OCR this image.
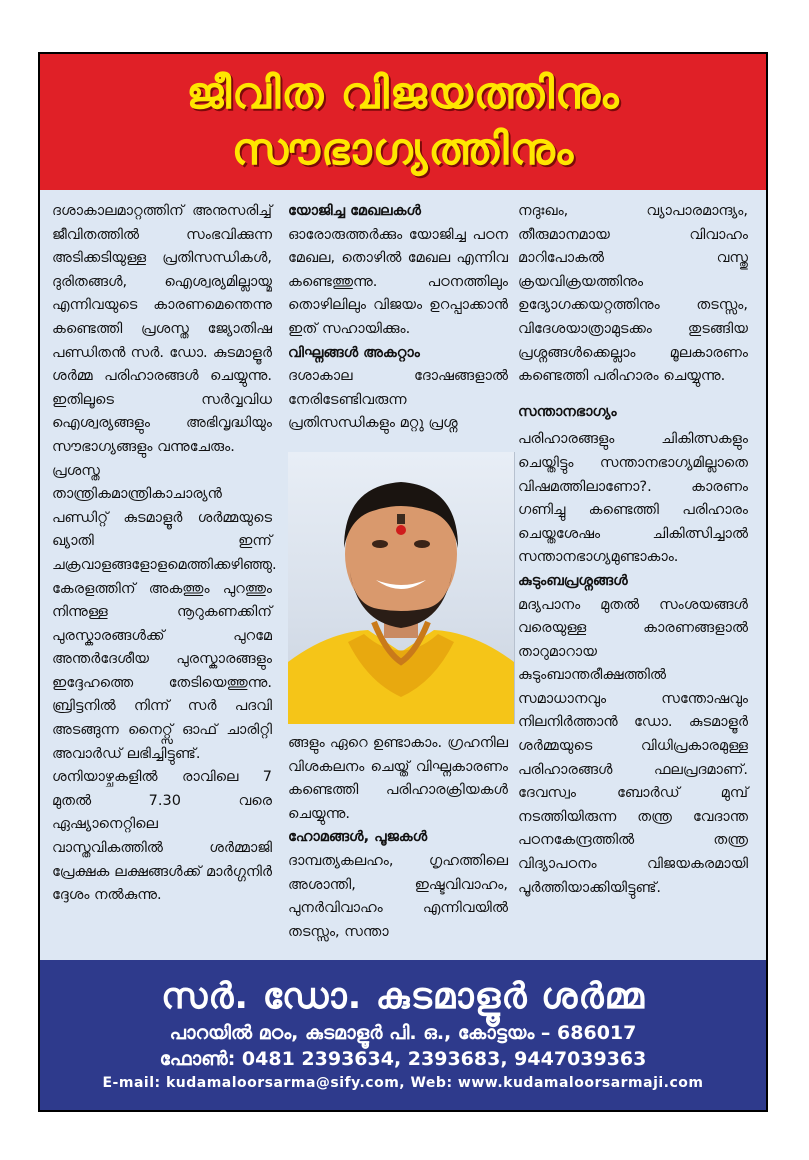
ജീവിത വിജയത്തിനും
സൗഭാഗ്യത്തിനും

ദശാകാലമാറ്റത്തിന് അനുസരിച്ച് ജീവിതത്തിൽ സംഭവിക്കുന്ന അടിക്കടിയുള്ള പ്രതിസന്ധികൾ, ദുരിതങ്ങൾ, ഐശ്വര്യമില്ലായ്മ എന്നിവയുടെ കാരണമെന്തെന്നു കണ്ടെത്തി പ്രശസ്ത ജ്യോതിഷ പണ്ഡിതൻ സർ. ഡോ. കുടമാളൂർ ശർമ്മ പരിഹാരങ്ങൾ ചെയ്യുന്നു. ഇതിലൂടെ സർവ്വവിധ ഐശ്വര്യങ്ങളും അഭിവൃദ്ധിയും സൗഭാഗ്യങ്ങളും വന്നുചേരും.

പ്രശസ്ത താന്ത്രികമാന്ത്രികാചാര്യൻ പണ്ഡിറ്റ് കുടമാളൂർ ശർമ്മയുടെ ഖ്യാതി ഇന്ന് ചക്രവാളങ്ങളോളമെത്തിക്കഴിഞ്ഞു. കേരളത്തിന് അകത്തും പുറത്തും നിന്നുള്ള നൂറുകണക്കിന് പുരസ്കാരങ്ങൾക്ക് പുറമേ അന്തർദേശീയ പുരസ്കാരങ്ങളും ഇദ്ദേഹത്തെ തേടിയെത്തുന്നു. ബ്രിട്ടനിൽ നിന്ന് സർ പദവി അടങ്ങുന്ന നൈറ്റ്സ് ഓഫ് ചാരിറ്റി അവാർഡ് ലഭിച്ചിട്ടുണ്ട്.

ശനിയാഴ്ചകളിൽ രാവിലെ 7 മുതൽ 7.30 വരെ ഏഷ്യാനെറ്റിലെ വാസ്തവികത്തിൽ ശർമ്മാജി പ്രേക്ഷക ലക്ഷങ്ങൾക്ക് മാർഗ്ഗനിർ ദ്ദേശം നൽകുന്നു.

യോജിച്ച മേഖലകൾ

ഓരോരുത്തർക്കും യോജിച്ച പഠന മേഖല, തൊഴിൽ മേഖല എന്നിവ കണ്ടെത്തുന്നു. പഠനത്തിലും തൊഴിലിലും വിജയം ഉറപ്പാക്കാൻ ഇത് സഹായിക്കും.

വിഘ്നങ്ങൾ അകറ്റാം

ദശാകാല ദോഷങ്ങളാൽ നേരിടേണ്ടിവരുന്ന പ്രതിസന്ധികളും മറ്റു പ്രശ്ന

ങ്ങളും ഏറെ ഉണ്ടാകാം. ഗ്രഹനില വിശകലനം ചെയ്ത് വിഘ്നകാരണം കണ്ടെത്തി പരിഹാരക്രിയകൾ ചെയ്യുന്നു.

ഹോമങ്ങൾ, പൂജകൾ

ദാമ്പത്യകലഹം, ഗൃഹത്തിലെ അശാന്തി, ഇഷ്ടവിവാഹം, പുനർവിവാഹം എന്നിവയിൽ തടസ്സം, സന്താ

നദുഃഖം, വ്യാപാരമാന്ദ്യം, തീരുമാനമായ വിവാഹം മാറിപോകൽ വസ്തു ക്രയവിക്രയത്തിനും ഉദ്യോഗക്കയറ്റത്തിനും തടസ്സം, വിദേശയാത്രാമുടക്കം തുടങ്ങിയ പ്രശ്നങ്ങൾക്കെല്ലാം മൂലകാരണം കണ്ടെത്തി പരിഹാരം ചെയ്യുന്നു.

സന്താനഭാഗ്യം

പരിഹാരങ്ങളും ചികിത്സകളും ചെയ്തിട്ടും സന്താനഭാഗ്യമില്ലാതെ വിഷമത്തിലാണോ?. കാരണം ഗണിച്ചു കണ്ടെത്തി പരിഹാരം ചെയ്തശേഷം ചികിത്സിച്ചാൽ സന്താനഭാഗ്യമുണ്ടാകാം.

കുടുംബപ്രശ്നങ്ങൾ

മദ്യപാനം മുതൽ സംശയങ്ങൾ വരെയുള്ള കാരണങ്ങളാൽ താറുമാറായ കുടുംബാന്തരീക്ഷത്തിൽ സമാധാനവും സന്തോഷവും നിലനിർത്താൻ ഡോ. കുടമാളൂർ ശർമ്മയുടെ വിധിപ്രകാരമുള്ള പരിഹാരങ്ങൾ ഫലപ്രദമാണ്. ദേവസ്വം ബോർഡ് മുമ്പ് നടത്തിയിരുന്ന തന്ത്ര വേദാന്ത പഠനകേന്ദ്രത്തിൽ തന്ത്ര വിദ്യാപഠനം വിജയകരമായി പൂർത്തിയാക്കിയിട്ടുണ്ട്.

സർ. ഡോ. കുടമാളൂർ ശർമ്മ
പാറയിൽ മഠം, കുടമാളൂർ പി. ഒ., കോട്ടയം – 686017
ഫോൺ: 0481 2393634, 2393683, 9447039363
E-mail: kudamaloorsarma@sify.com, Web: www.kudamaloorsarmaji.com
